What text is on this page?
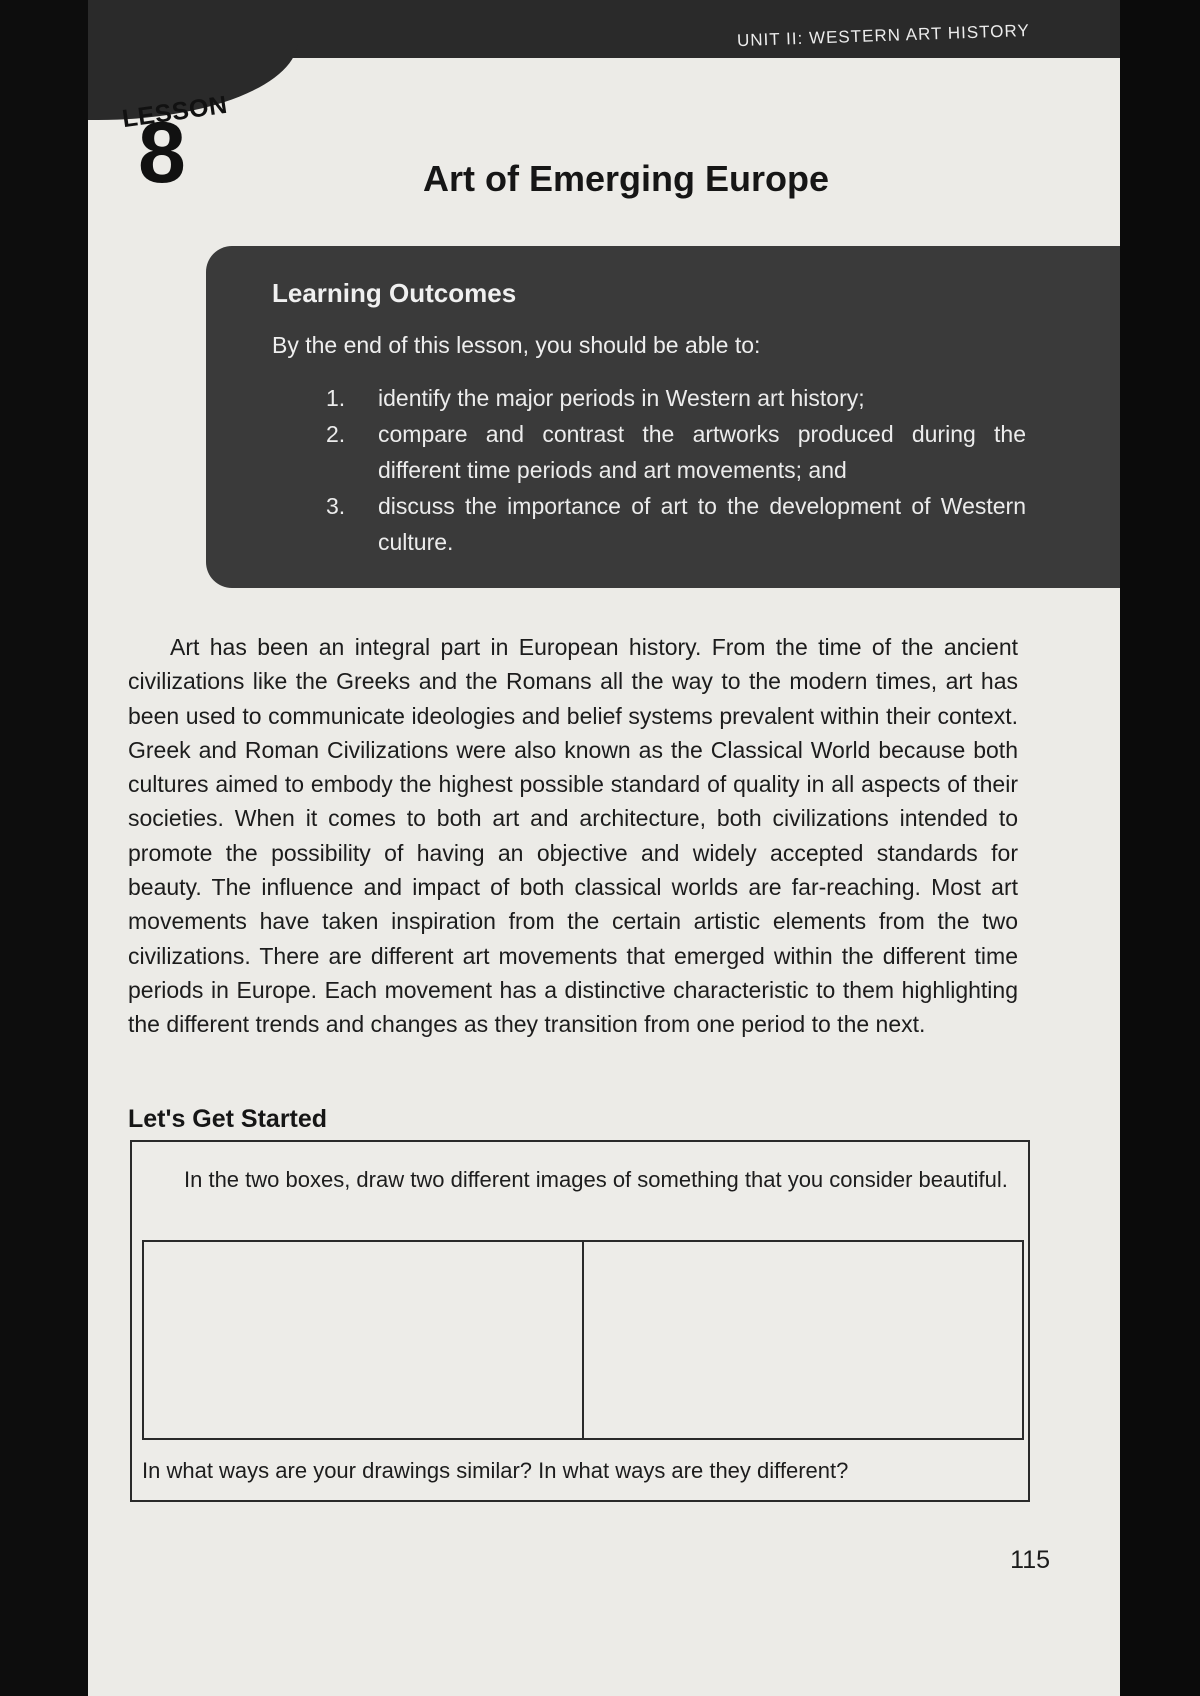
UNIT II: WESTERN ART HISTORY
LESSON
8	Art of Emerging Europe
Learning Outcomes
By the end of this lesson, you should be able to:
1.	identify the major periods in Western art history;
2.	compare and contrast the artworks produced during the different time periods and art movements; and
3.	discuss the importance of art to the development of Western culture.

Art has been an integral part in European history. From the time of the ancient civilizations like the Greeks and the Romans all the way to the modern times, art has been used to communicate ideologies and belief systems prevalent within their context. Greek and Roman Civilizations were also known as the Classical World because both cultures aimed to embody the highest possible standard of quality in all aspects of their societies. When it comes to both art and architecture, both civilizations intended to promote the possibility of having an objective and widely accepted standards for beauty. The influence and impact of both classical worlds are far-reaching. Most art movements have taken inspiration from the certain artistic elements from the two civilizations. There are different art movements that emerged within the different time periods in Europe. Each movement has a distinctive characteristic to them highlighting the different trends and changes as they transition from one period to the next.

Let's Get Started
In the two boxes, draw two different images of something that you consider beautiful.
In what ways are your drawings similar? In what ways are they different?
115
